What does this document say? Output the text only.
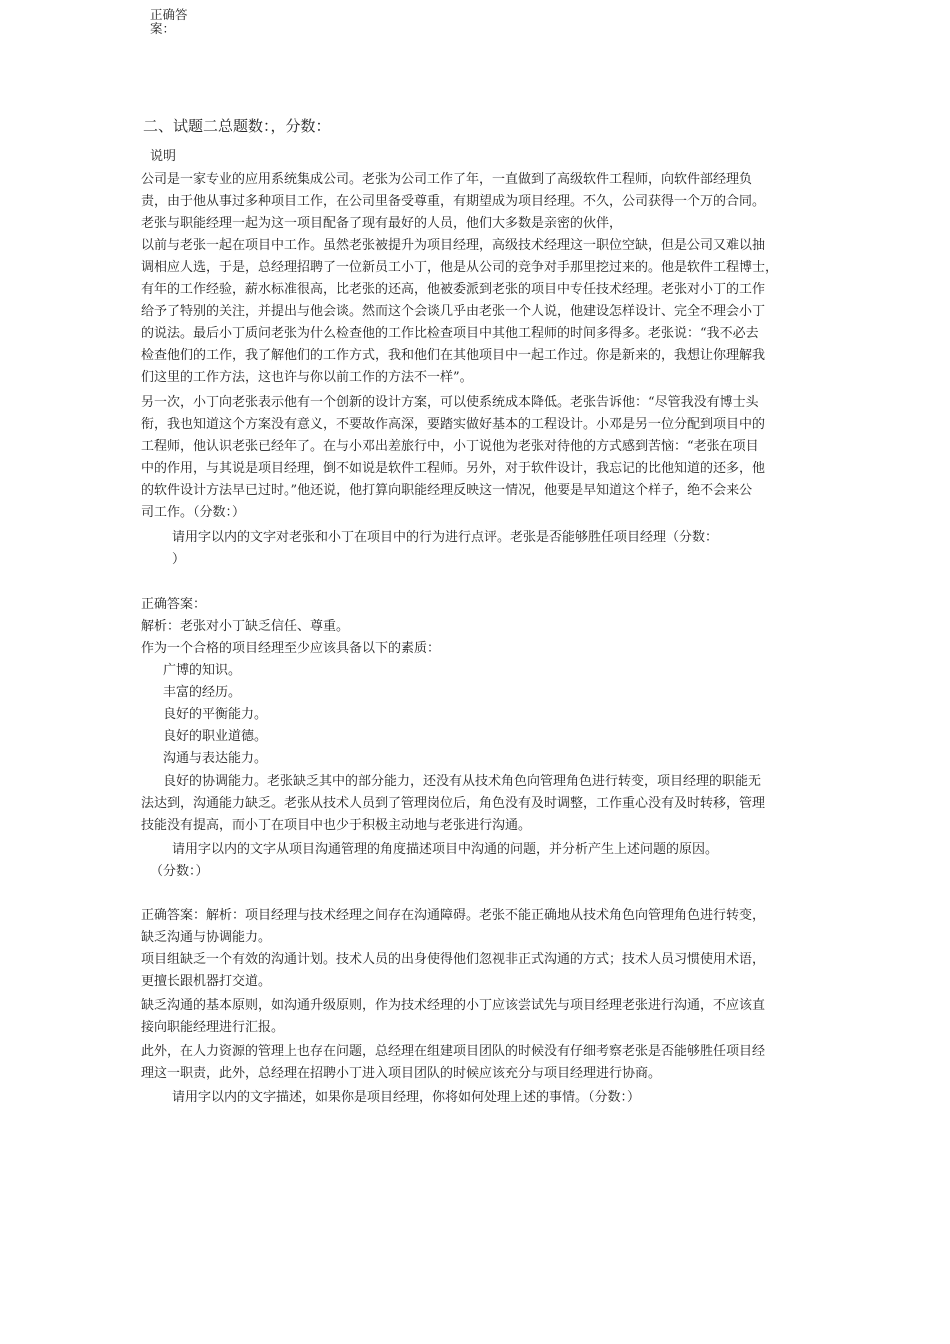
正确答
案：
二、试题二总题数：，分数：
说明
公司是一家专业的应用系统集成公司。老张为公司工作了年，一直做到了高级软件工程师，向软件部经理负
责，由于他从事过多种项目工作，在公司里备受尊重，有期望成为项目经理。不久，公司获得一个万的合同。
老张与职能经理一起为这一项目配备了现有最好的人员，他们大多数是亲密的伙伴，
以前与老张一起在项目中工作。虽然老张被提升为项目经理，高级技术经理这一职位空缺，但是公司又难以抽
调相应人选，于是，总经理招聘了一位新员工小丁，他是从公司的竞争对手那里挖过来的。他是软件工程博士，
有年的工作经验，薪水标准很高，比老张的还高，他被委派到老张的项目中专任技术经理。老张对小丁的工作
给予了特别的关注，并提出与他会谈。然而这个会谈几乎由老张一个人说，他建设怎样设计、完全不理会小丁
的说法。最后小丁质问老张为什么检查他的工作比检查项目中其他工程师的时间多得多。老张说：“我不必去
检查他们的工作，我了解他们的工作方式，我和他们在其他项目中一起工作过。你是新来的，我想让你理解我
们这里的工作方法，这也许与你以前工作的方法不一样”。
另一次，小丁向老张表示他有一个创新的设计方案，可以使系统成本降低。老张告诉他：“尽管我没有博士头
衔，我也知道这个方案没有意义，不要故作高深，要踏实做好基本的工程设计。小邓是另一位分配到项目中的
工程师，他认识老张已经年了。在与小邓出差旅行中，小丁说他为老张对待他的方式感到苦恼：“老张在项目
中的作用，与其说是项目经理，倒不如说是软件工程师。另外，对于软件设计，我忘记的比他知道的还多，他
的软件设计方法早已过时。”他还说，他打算向职能经理反映这一情况，他要是早知道这个样子，绝不会来公
司工作。（分数：）
请用字以内的文字对老张和小丁在项目中的行为进行点评。老张是否能够胜任项目经理（分数：
）
正确答案：
解析：老张对小丁缺乏信任、尊重。
作为一个合格的项目经理至少应该具备以下的素质：
广博的知识。
丰富的经历。
良好的平衡能力。
良好的职业道德。
沟通与表达能力。
良好的协调能力。老张缺乏其中的部分能力，还没有从技术角色向管理角色进行转变，项目经理的职能无
法达到，沟通能力缺乏。老张从技术人员到了管理岗位后，角色没有及时调整，工作重心没有及时转移，管理
技能没有提高，而小丁在项目中也少于积极主动地与老张进行沟通。
请用字以内的文字从项目沟通管理的角度描述项目中沟通的问题，并分析产生上述问题的原因。
（分数：）
正确答案：解析：项目经理与技术经理之间存在沟通障碍。老张不能正确地从技术角色向管理角色进行转变，
缺乏沟通与协调能力。
项目组缺乏一个有效的沟通计划。技术人员的出身使得他们忽视非正式沟通的方式；技术人员习惯使用术语，
更擅长跟机器打交道。
缺乏沟通的基本原则，如沟通升级原则，作为技术经理的小丁应该尝试先与项目经理老张进行沟通，不应该直
接向职能经理进行汇报。
此外，在人力资源的管理上也存在问题，总经理在组建项目团队的时候没有仔细考察老张是否能够胜任项目经
理这一职责，此外，总经理在招聘小丁进入项目团队的时候应该充分与项目经理进行协商。
请用字以内的文字描述，如果你是项目经理，你将如何处理上述的事情。（分数：）
